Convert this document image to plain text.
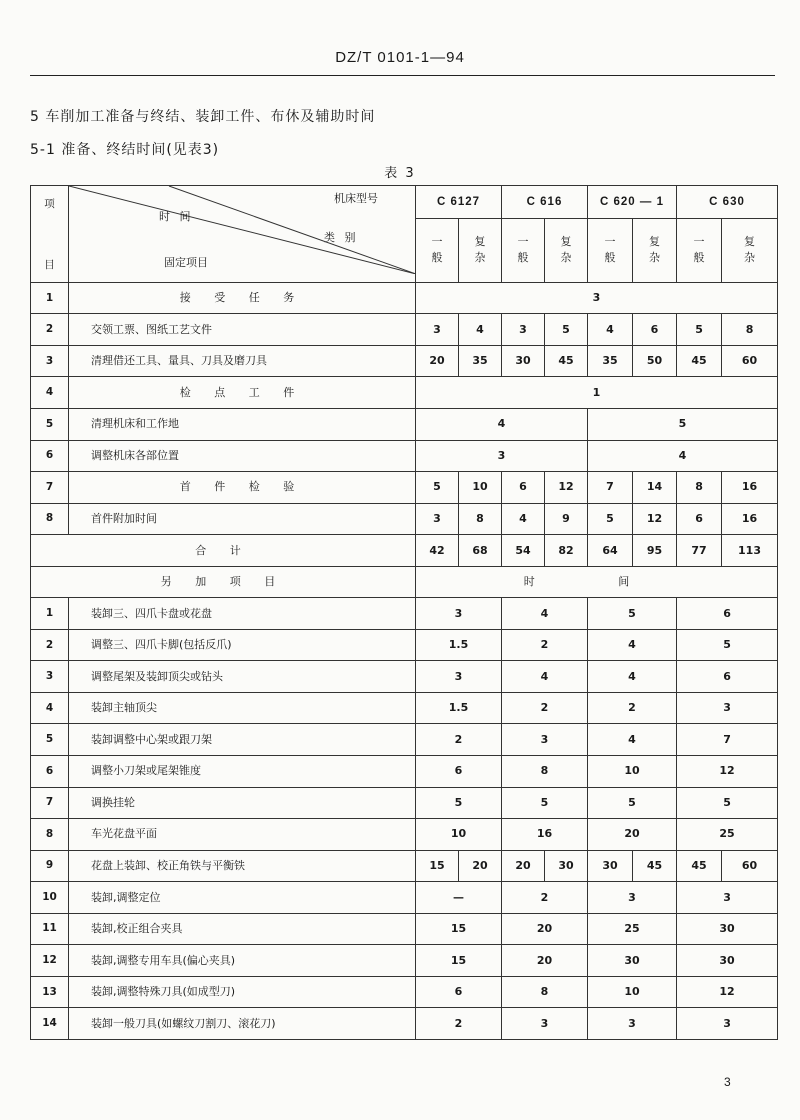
DZ/T 0101-1—94
5 车削加工准备与终结、装卸工件、布休及辅助时间
5-1 准备、终结时间(见表3)
表 3
项
目	机床型号
时 间
类 别
固定项目	C 6127		C 616		C 620 — 1		C 630	
		一般	复杂	一般	复杂	一般	复杂	一般	复杂
1	接 受 任 务	3							
2	交领工票、图纸工艺文件	3	4	3	5	4	6	5	8
3	清理借还工具、量具、刀具及磨刀具	20	35	30	45	35	50	45	60
4	检 点 工 件	1							
5	清理机床和工作地	4				5			
6	调整机床各部位置	3				4			
7	首 件 检 验	5	10	6	12	7	14	8	16
8	首件附加时间	3	8	4	9	5	12	6	16
合 计		42	68	54	82	64	95	77	113
另 加 项 目		时 间							
1	装卸三、四爪卡盘或花盘	3		4		5		6	
2	调整三、四爪卡脚(包括反爪)	1.5		2		4		5	
3	调整尾架及装卸顶尖或钻头	3		4		4		6	
4	装卸主轴顶尖	1.5		2		2		3	
5	装卸调整中心架或跟刀架	2		3		4		7	
6	调整小刀架或尾架锥度	6		8		10		12	
7	调换挂轮	5		5		5		5	
8	车光花盘平面	10		16		20		25	
9	花盘上装卸、校正角铁与平衡铁	15	20	20	30	30	45	45	60
10	装卸,调整定位	—		2		3		3	
11	装卸,校正组合夹具	15		20		25		30	
12	装卸,调整专用车具(偏心夹具)	15		20		30		30	
13	装卸,调整特殊刀具(如成型刀)	6		8		10		12	
14	装卸一般刀具(如螺纹刀割刀、滚花刀)	2		3		3		3	
3
